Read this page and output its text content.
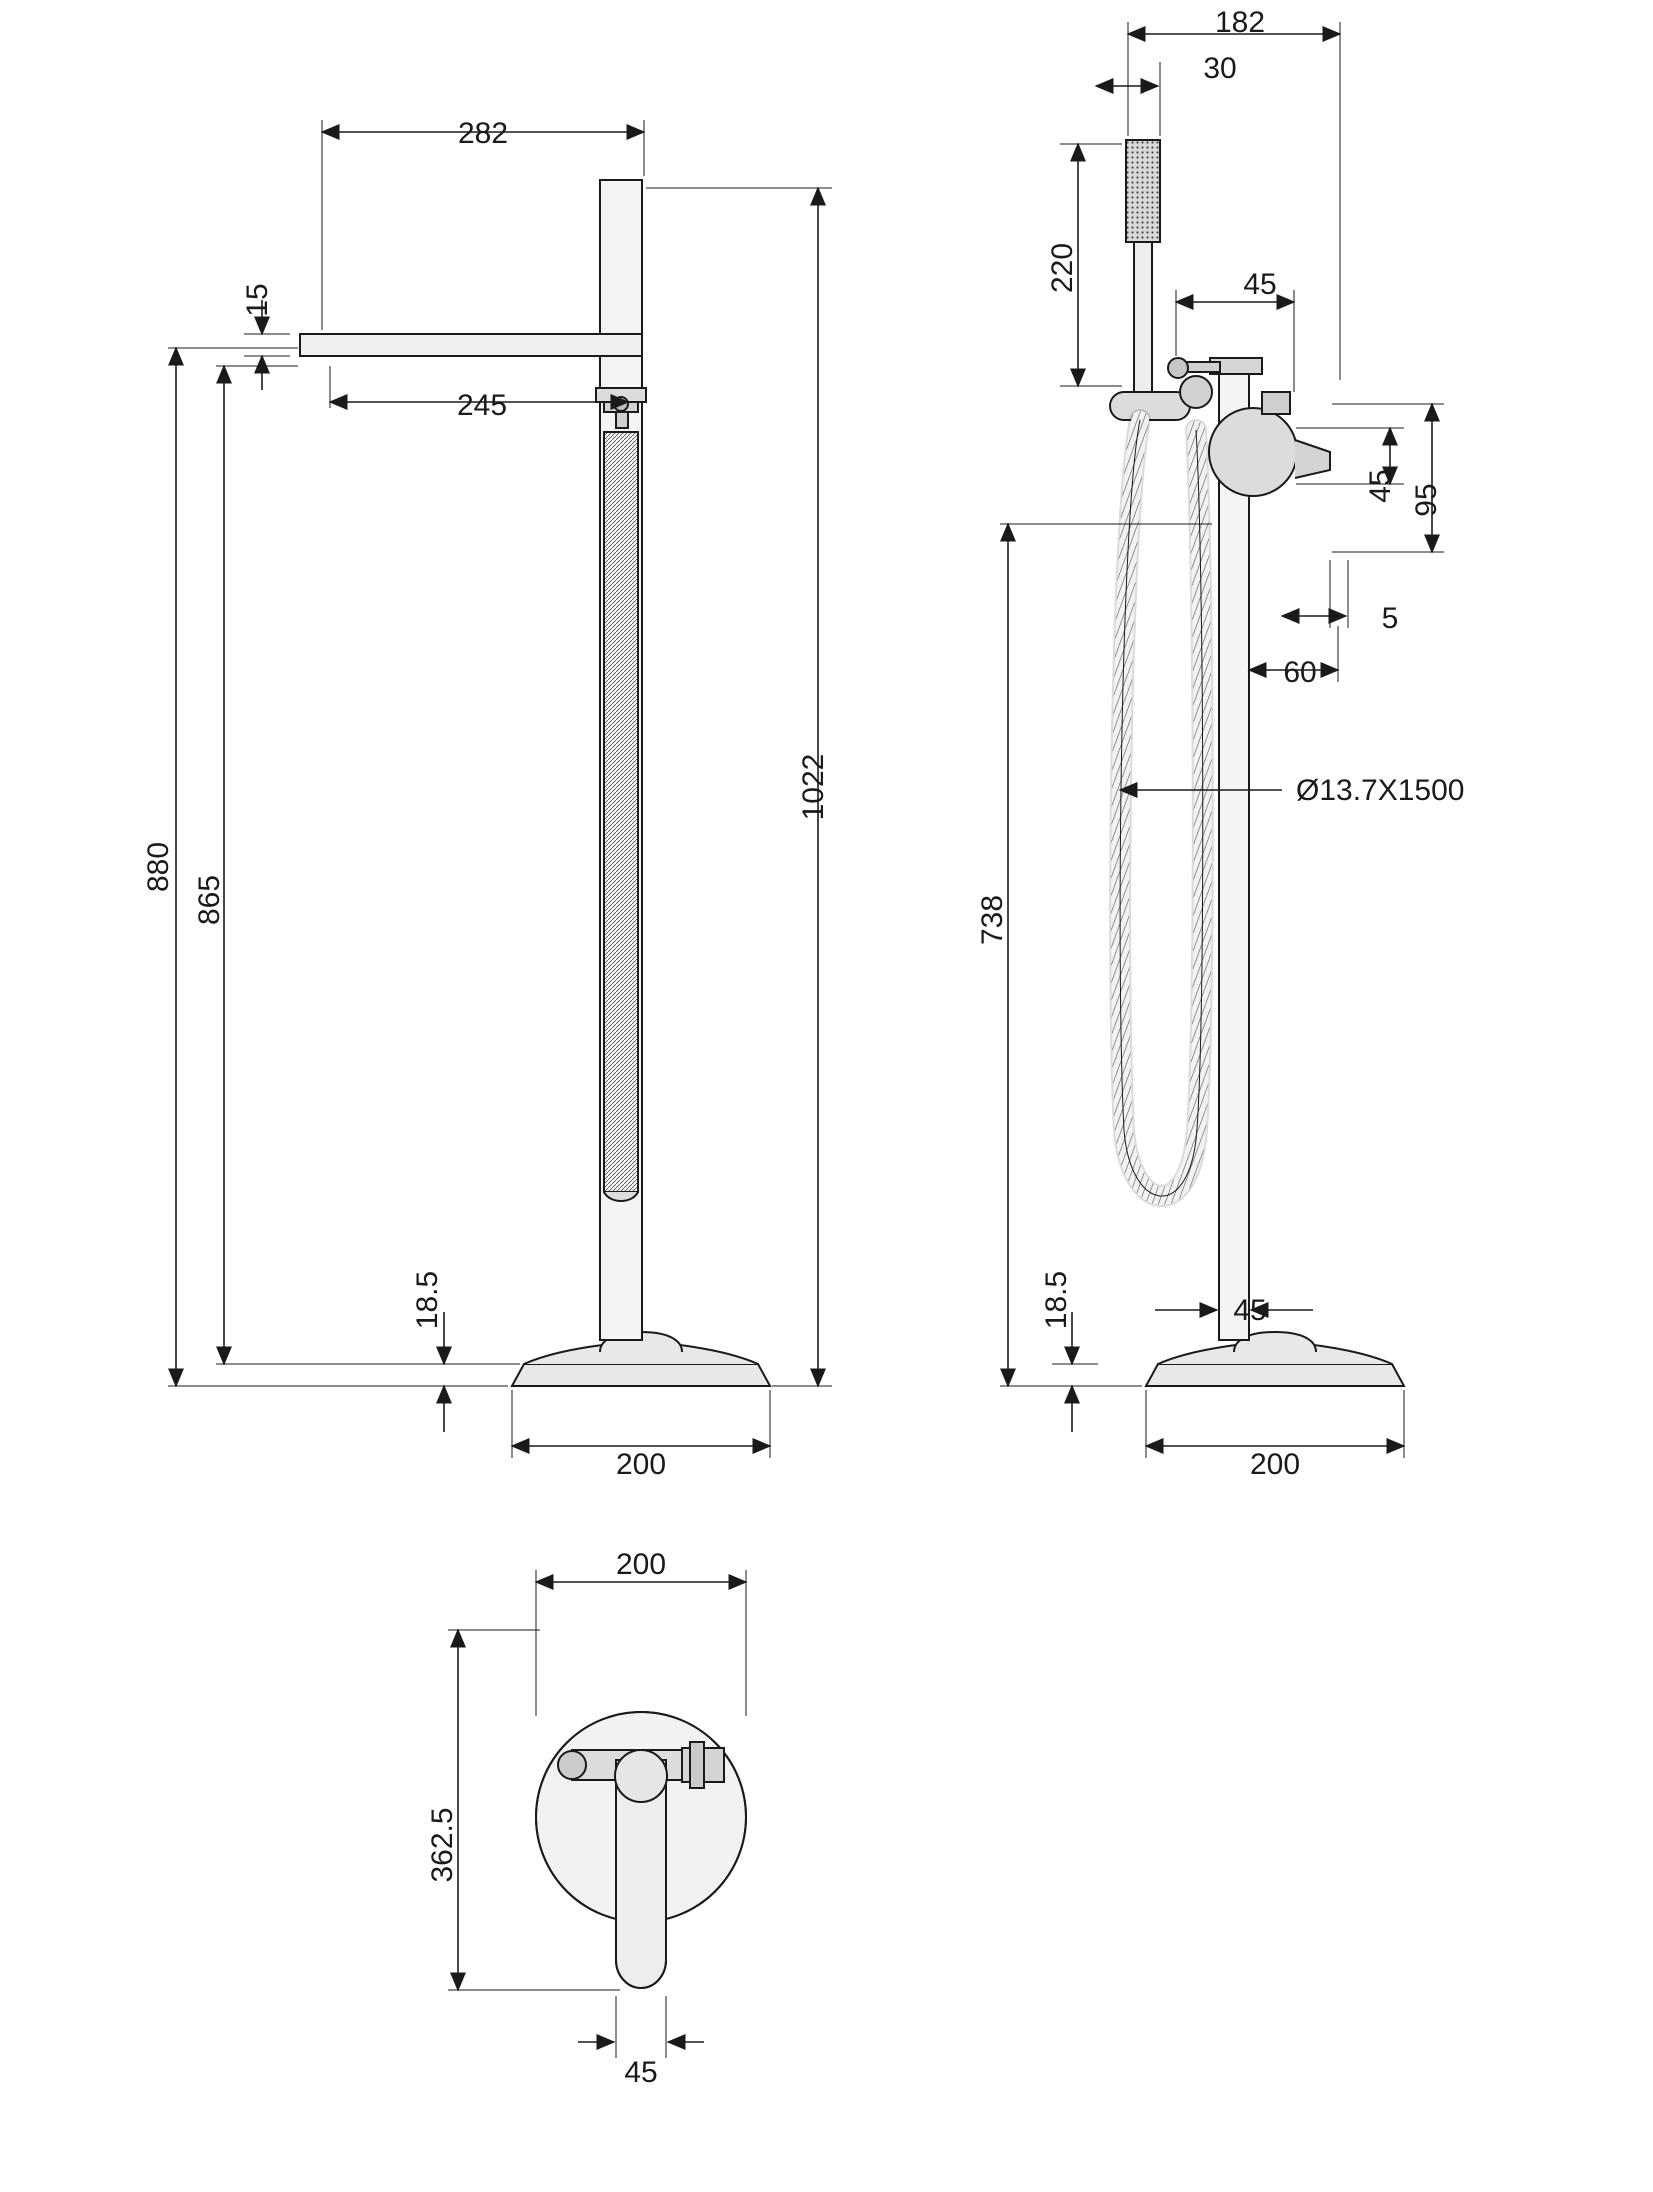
282
15
245
1022
880
865
18.5
200
182
30
220	45
45 95
5
60
Ø13.7X1500
738
18.5	45
200
200
362.5
45
